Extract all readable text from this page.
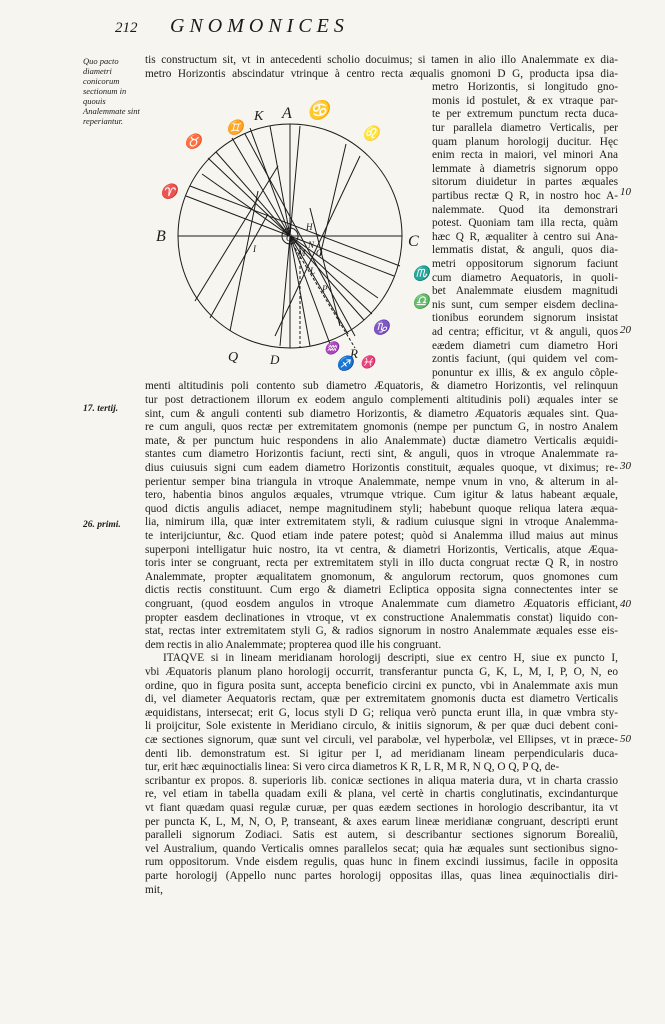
212 GNOMONICES
Quo pacto diametri conicorum sectionum in quouis Analemmate sint reperiantur.
17. tertij.
26. primi.
10
20
30
40
50
A
K
B	C
Q D	R
H
G
I	N
M O
P
L
♋
♊
♉
♈
♌
♎
♏
♑
♐
♒
♓

tis constructum sit, vt in antecedenti scholio docuimus; si tamen in alio illo Analemmate ex dia-

metro Horizontis abscindatur vtrinque à centro recta æqualis gnomoni D G, producta ipsa dia-

metro Horizontis, si longitudo gno-

monis id postulet, & ex vtraque par-

te per extremum punctum recta duca-

tur parallela diametro Verticalis, per

quam planum horologij ducitur. Hęc

enim recta in maiori, vel minori Ana

lemmate à diametris signorum oppo

sitorum diuidetur in partes æquales

partibus rectæ Q R, in nostro hoc A-

nalemmate. Quod ita demonstrari

potest. Quoniam tam illa recta, quàm

hæc Q R, æqualiter à centro sui Ana-

lemmatis distat, & anguli, quos dia-

metri oppositorum signorum faciunt

cum diametro Aequatoris, in quoli-

bet Analemmate eiusdem magnitudi

nis sunt, cum semper eisdem declina-

tionibus eorundem signorum insistat

ad centra; efficitur, vt & anguli, quos

eædem diametri cum diametro Hori

zontis faciunt, (qui quidem vel com-

ponuntur ex illis, & ex angulo cõple-

menti altitudinis poli contento sub diametro Æquatoris, & diametro Horizontis, vel relinquun

tur post detractionem illorum ex eodem angulo complementi altitudinis poli) æquales inter se

sint, cum & anguli contenti sub diametro Horizontis, & diametro Æquatoris æquales sint. Qua-

re cum anguli, quos rectæ per extremitatem gnomonis (nempe per punctum G, in nostro Analem

mate, & per punctum huic respondens in alio Analemmate) ductæ diametro Verticalis æquidi-

stantes cum diametro Horizontis faciunt, recti sint, & anguli, quos in vtroque Analemmate ra-

dius cuiusuis signi cum eadem diametro Horizontis constituit, æquales quoque, vt diximus; re-

perientur semper bina triangula in vtroque Analemmate, nempe vnum in vno, & alterum in al-

tero, habentia binos angulos æquales, vtrumque vtrique. Cum igitur & latus habeant æquale,

quod dictis angulis adiacet, nempe magnitudinem styli; habebunt quoque reliqua latera æqua-

lia, nimirum illa, quæ inter extremitatem styli, & radium cuiusque signi in vtroque Analemma-

te interijciuntur, &c. Quod etiam inde patere potest; quòd si Analemma illud maius aut minus

superponi intelligatur huic nostro, ita vt centra, & diametri Horizontis, Verticalis, atque Æqua-

toris inter se congruant, recta per extremitatem styli in illo ducta congruat rectæ Q R, in nostro

Analemmate, propter æqualitatem gnomonum, & angulorum rectorum, quos gnomones cum

dictis rectis constituunt. Cum ergo & diametri Ecliptica opposita signa connectentes inter se

congruant, (quod eosdem angulos in vtroque Analemmate cum diametro Æquatoris efficiant,

propter easdem declinationes in vtroque, vt ex constructione Analemmatis constat) liquido con-

stat, rectas inter extremitatem styli G, & radios signorum in nostro Analemmate æquales esse eis-

dem rectis in alio Analemmate; propterea quod ille his congruant.

ITAQVE si in lineam meridianam horologij descripti, siue ex centro H, siue ex puncto I,

vbi Æquatoris planum plano horologij occurrit, transferantur puncta G, K, L, M, I, P, O, N, eo

ordine, quo in figura posita sunt, accepta beneficio circini ex puncto, vbi in Analemmate axis mun

di, vel diameter Aequatoris rectam, quæ per extremitatem gnomonis ducta est diametro Verticalis

æquidistans, intersecat; erit G, locus styli D G; reliqua verò puncta erunt illa, in quæ vmbra sty-

li proijcitur, Sole existente in Meridiano circulo, & initiis signorum, & per quæ duci debent coni-

cæ sectiones signorum, quæ sunt vel circuli, vel parabolæ, vel hyperbolæ, vel Ellipses, vt in præce-

denti lib. demonstratum est. Si igitur per I, ad meridianam lineam perpendicularis duca-

tur, erit hæc æquinoctialis linea: Si vero circa diametros K R, L R, M R, N Q, O Q, P Q, de-

scribantur ex propos. 8. superioris lib. conicæ sectiones in aliqua materia dura, vt in charta crassio

re, vel etiam in tabella quadam exili & plana, vel certè in chartis conglutinatis, excindanturque

vt fiant quædam quasi regulæ curuæ, per quas eædem sectiones in horologio describantur, ita vt

per puncta K, L, M, N, O, P, transeant, & axes earum lineæ meridianæ congruant, descripti erunt

paralleli signorum Zodiaci. Satis est autem, si describantur sectiones signorum Borealiũ,

vel Australium, quando Verticalis omnes parallelos secat; quia hæ æquales sunt sectionibus signo-

rum oppositorum. Vnde eisdem regulis, quas hunc in finem excindi iussimus, facile in opposita

parte horologij (Appello nunc partes horologij oppositas illas, quas linea æquinoctialis diri-

mit,
